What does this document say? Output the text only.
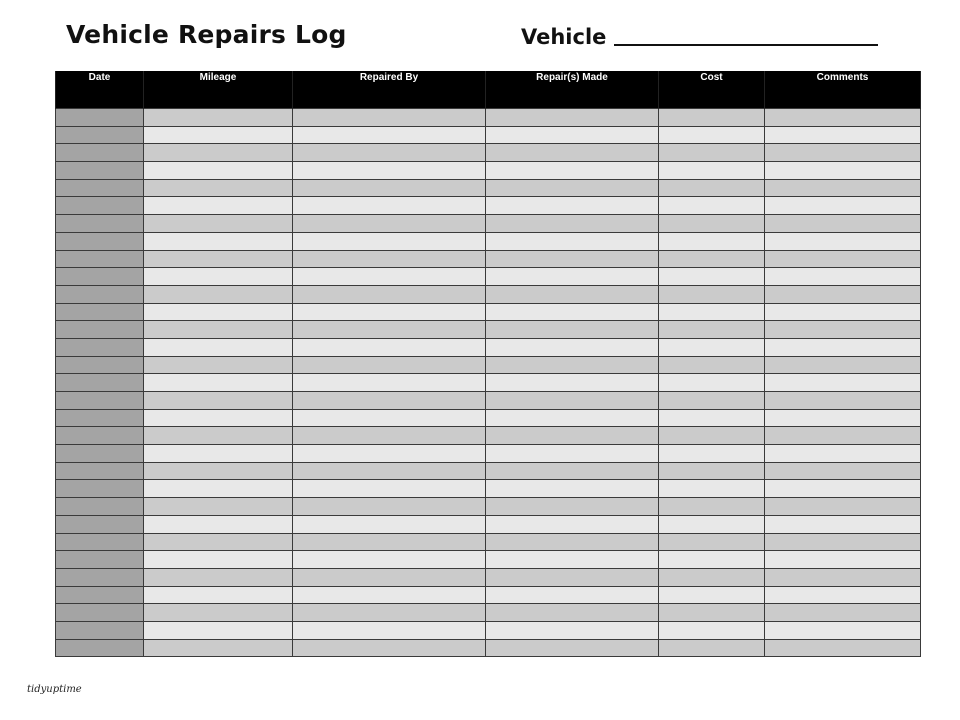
Vehicle Repairs Log	Vehicle
Date	Mileage	Repaired By	Repair(s) Made	Cost	Comments

tidyuptime
